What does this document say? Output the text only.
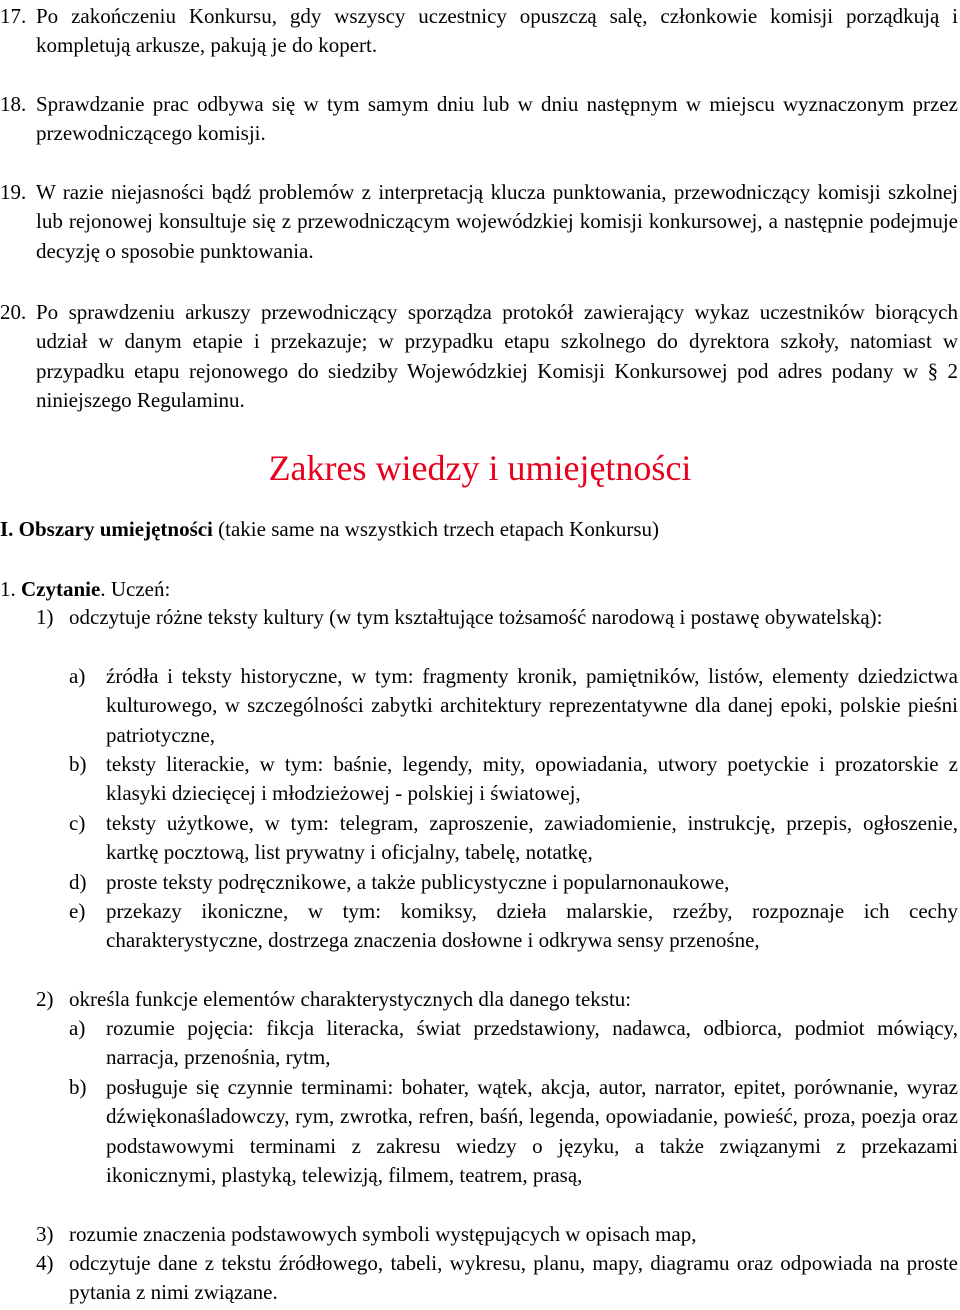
17. Po zakończeniu Konkursu, gdy wszyscy uczestnicy opuszczą salę, członkowie komisji porządkują i kompletują arkusze, pakują je do kopert.
18. Sprawdzanie prac odbywa się w tym samym dniu lub w dniu następnym w miejscu wyznaczonym przez przewodniczącego komisji.
19. W razie niejasności bądź problemów z interpretacją klucza punktowania, przewodniczący komisji szkolnej lub rejonowej konsultuje się z przewodniczącym wojewódzkiej komisji konkursowej, a następnie podejmuje decyzję o sposobie punktowania.
20. Po sprawdzeniu arkuszy przewodniczący sporządza protokół zawierający wykaz uczestników biorących udział w danym etapie i przekazuje; w przypadku etapu szkolnego do dyrektora szkoły, natomiast w przypadku etapu rejonowego do siedziby Wojewódzkiej Komisji Konkursowej pod adres podany w § 2 niniejszego Regulaminu.
Zakres wiedzy i umiejętności
I. Obszary umiejętności (takie same na wszystkich trzech etapach Konkursu)
1. Czytanie. Uczeń:
1) odczytuje różne teksty kultury (w tym kształtujące tożsamość narodową i postawę obywatelską):
a) źródła i teksty historyczne, w tym: fragmenty kronik, pamiętników, listów, elementy dziedzictwa kulturowego, w szczególności zabytki architektury reprezentatywne dla danej epoki, polskie pieśni patriotyczne,
b) teksty literackie, w tym: baśnie, legendy, mity, opowiadania, utwory poetyckie i prozatorskie z klasyki dziecięcej i młodzieżowej - polskiej i światowej,
c) teksty użytkowe, w tym: telegram, zaproszenie, zawiadomienie, instrukcję, przepis, ogłoszenie, kartkę pocztową, list prywatny i oficjalny, tabelę, notatkę,
d) proste teksty podręcznikowe, a także publicystyczne i popularnonaukowe,
e) przekazy ikoniczne, w tym: komiksy, dzieła malarskie, rzeźby, rozpoznaje ich cechy charakterystyczne, dostrzega znaczenia dosłowne i odkrywa sensy przenośne,
2) określa funkcje elementów charakterystycznych dla danego tekstu:
a) rozumie pojęcia: fikcja literacka, świat przedstawiony, nadawca, odbiorca, podmiot mówiący, narracja, przenośnia, rytm,
b) posługuje się czynnie terminami: bohater, wątek, akcja, autor, narrator, epitet, porównanie, wyraz dźwiękonaśladowczy, rym, zwrotka, refren, baśń, legenda, opowiadanie, powieść, proza, poezja oraz podstawowymi terminami z zakresu wiedzy o języku, a także związanymi z przekazami ikonicznymi, plastyką, telewizją, filmem, teatrem, prasą,
3) rozumie znaczenia podstawowych symboli występujących w opisach map,
4) odczytuje dane z tekstu źródłowego, tabeli, wykresu, planu, mapy, diagramu oraz odpowiada na proste pytania z nimi związane.
